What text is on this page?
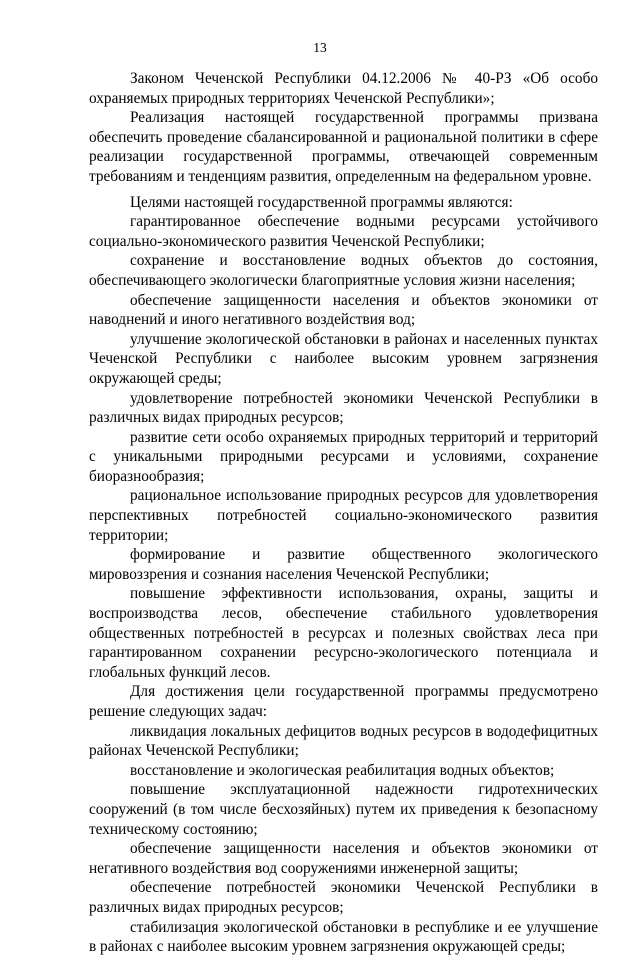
13

Законом Чеченской Республики 04.12.2006 № 40-РЗ «Об особо охраняемых природных территориях Чеченской Республики»;

Реализация настоящей государственной программы призвана обеспечить проведение сбалансированной и рациональной политики в сфере реализации государственной программы, отвечающей современным требованиям и тенденциям развития, определенным на федеральном уровне.

Целями настоящей государственной программы являются:

гарантированное обеспечение водными ресурсами устойчивого социально-экономического развития Чеченской Республики;

сохранение и восстановление водных объектов до состояния, обеспечивающего экологически благоприятные условия жизни населения;

обеспечение защищенности населения и объектов экономики от наводнений и иного негативного воздействия вод;

улучшение экологической обстановки в районах и населенных пунктах Чеченской Республики с наиболее высоким уровнем загрязнения окружающей среды;

удовлетворение потребностей экономики Чеченской Республики в различных видах природных ресурсов;

развитие сети особо охраняемых природных территорий и территорий с уникальными природными ресурсами и условиями, сохранение биоразнообразия;

рациональное использование природных ресурсов для удовлетворения перспективных потребностей социально-экономического развития территории;

формирование и развитие общественного экологического мировоззрения и сознания населения Чеченской Республики;

повышение эффективности использования, охраны, защиты и воспроизводства лесов, обеспечение стабильного удовлетворения общественных потребностей в ресурсах и полезных свойствах леса при гарантированном сохранении ресурсно-экологического потенциала и глобальных функций лесов.

Для достижения цели государственной программы предусмотрено решение следующих задач:

ликвидация локальных дефицитов водных ресурсов в вододефицитных районах Чеченской Республики;

восстановление и экологическая реабилитация водных объектов;

повышение эксплуатационной надежности гидротехнических сооружений (в том числе бесхозяйных) путем их приведения к безопасному техническому состоянию;

обеспечение защищенности населения и объектов экономики от негативного воздействия вод сооружениями инженерной защиты;

обеспечение потребностей экономики Чеченской Республики в различных видах природных ресурсов;

стабилизация экологической обстановки в республике и ее улучшение в районах с наиболее высоким уровнем загрязнения окружающей среды;
